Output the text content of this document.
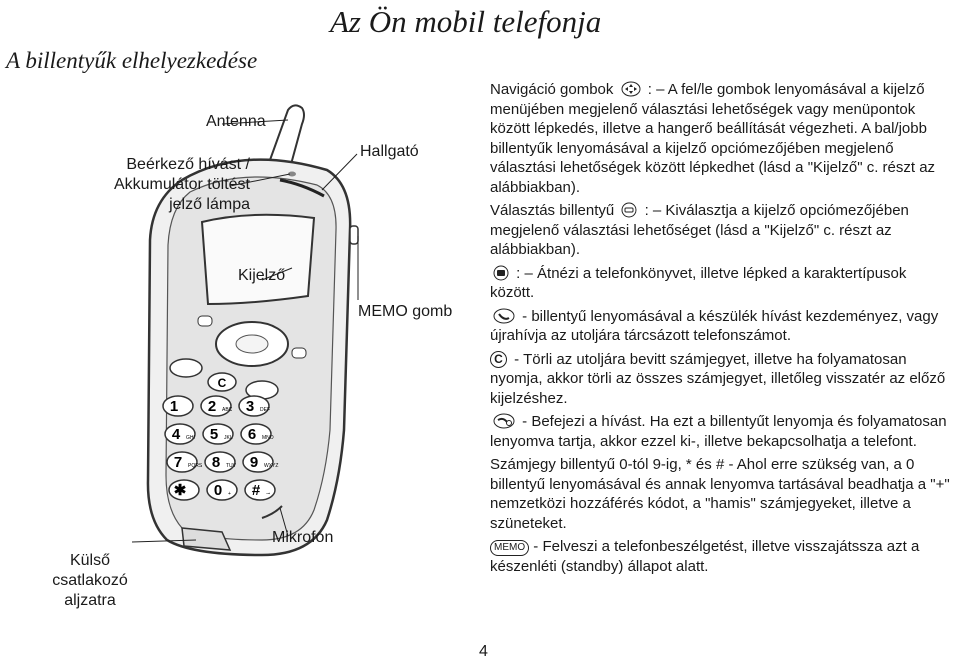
Az Ön mobil telefonja
A billentyűk elhelyezkedése
C
1 2 ABC 3 DEF
4 GHI 5 JKL 6 MNO
7 PQRS 8 TUV 9 WXYZ
✱ 0 + # ⊸
Antenna
Hallgató
Beérkező hívást /
Akkumulátor töltést
jelző lámpa
Kijelző
MEMO gomb
Mikrofon
Külső
csatlakozó
aljzatra

Navigáció gombok : – A fel/le gombok lenyomásával a kijelző menüjében megjelenő választási lehetőségek vagy menüpontok között lépkedés, illetve a hangerő beállítását végezheti. A bal/jobb billentyűk lenyomásával a kijelző opciómezőjében megjelenő választási lehetőségek között lépkedhet (lásd a "Kijelző" c. részt az alábbiakban).

Választás billentyű : – Kiválasztja a kijelző opciómezőjében megjelenő választási lehetőséget (lásd a "Kijelző" c. részt az alábbiakban).

: – Átnézi a telefonkönyvet, illetve lépked a karaktertípusok között.

- billentyű lenyomásával a készülék hívást kezdeményez, vagy újrahívja az utoljára tárcsázott telefonszámot.

C - Törli az utoljára bevitt számjegyet, illetve ha folyamatosan nyomja, akkor törli az összes számjegyet, illetőleg visszatér az előző kijelzéshez.

- Befejezi a hívást. Ha ezt a billentyűt lenyomja és folyamatosan lenyomva tartja, akkor ezzel ki-, illetve bekapcsolhatja a telefont.

Számjegy billentyű 0-tól 9-ig, * és # - Ahol erre szükség van, a 0 billentyű lenyomásával és annak lenyomva tartásával beadhatja a "+" nemzetközi hozzáférés kódot, a "hamis" számjegyeket, illetve a szüneteket.

MEMO - Felveszi a telefonbeszélgetést, illetve visszajátssza azt a készenléti (standby) állapot alatt.

4
